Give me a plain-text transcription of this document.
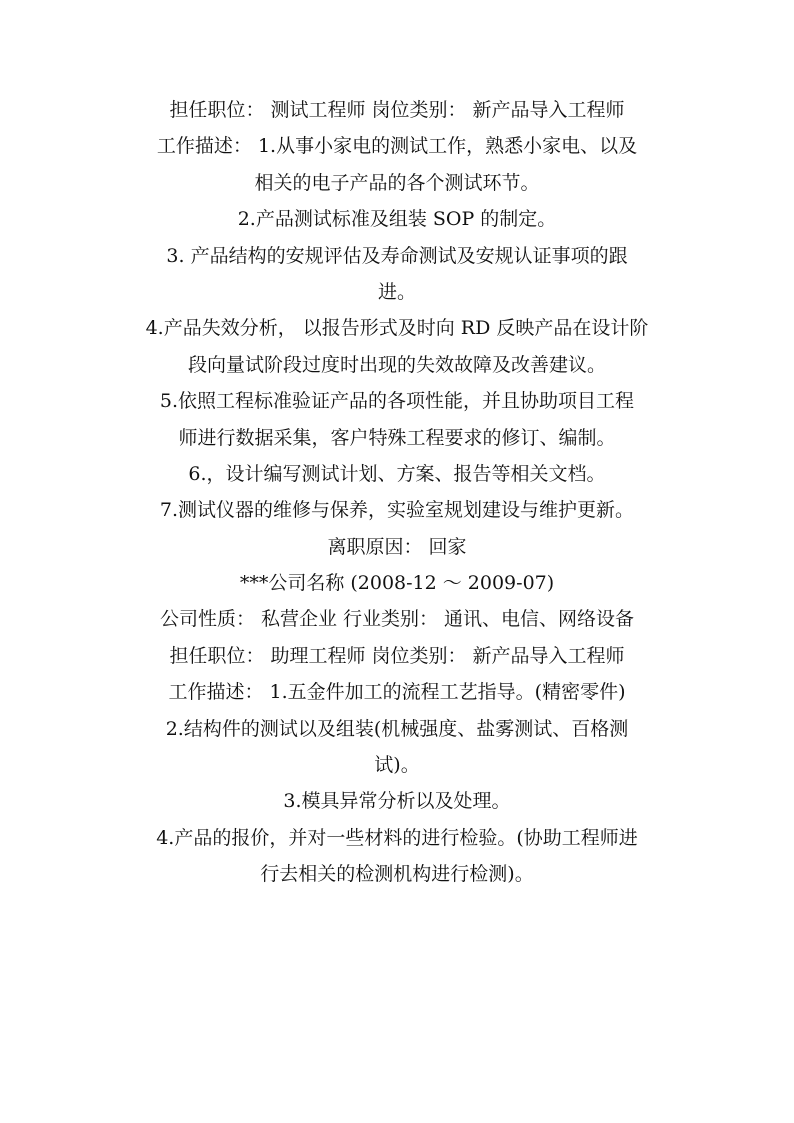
担任职位： 测试工程师 岗位类别： 新产品导入工程师
工作描述： 1.从事小家电的测试工作，熟悉小家电、以及
相关的电子产品的各个测试环节。
2.产品测试标准及组装 SOP 的制定。
3. 产品结构的安规评估及寿命测试及安规认证事项的跟
进。
4.产品失效分析， 以报告形式及时向 RD 反映产品在设计阶
段向量试阶段过度时出现的失效故障及改善建议。
5.依照工程标准验证产品的各项性能，并且协助项目工程
师进行数据采集，客户特殊工程要求的修订、编制。
6.，设计编写测试计划、方案、报告等相关文档。
7.测试仪器的维修与保养，实验室规划建设与维护更新。
离职原因： 回家
***公司名称 (2008-12 ～ 2009-07)
公司性质： 私营企业 行业类别： 通讯、电信、网络设备
担任职位： 助理工程师 岗位类别： 新产品导入工程师
工作描述： 1.五金件加工的流程工艺指导。(精密零件)
2.结构件的测试以及组装(机械强度、盐雾测试、百格测
试)。
3.模具异常分析以及处理。
4.产品的报价，并对一些材料的进行检验。(协助工程师进
行去相关的检测机构进行检测)。
